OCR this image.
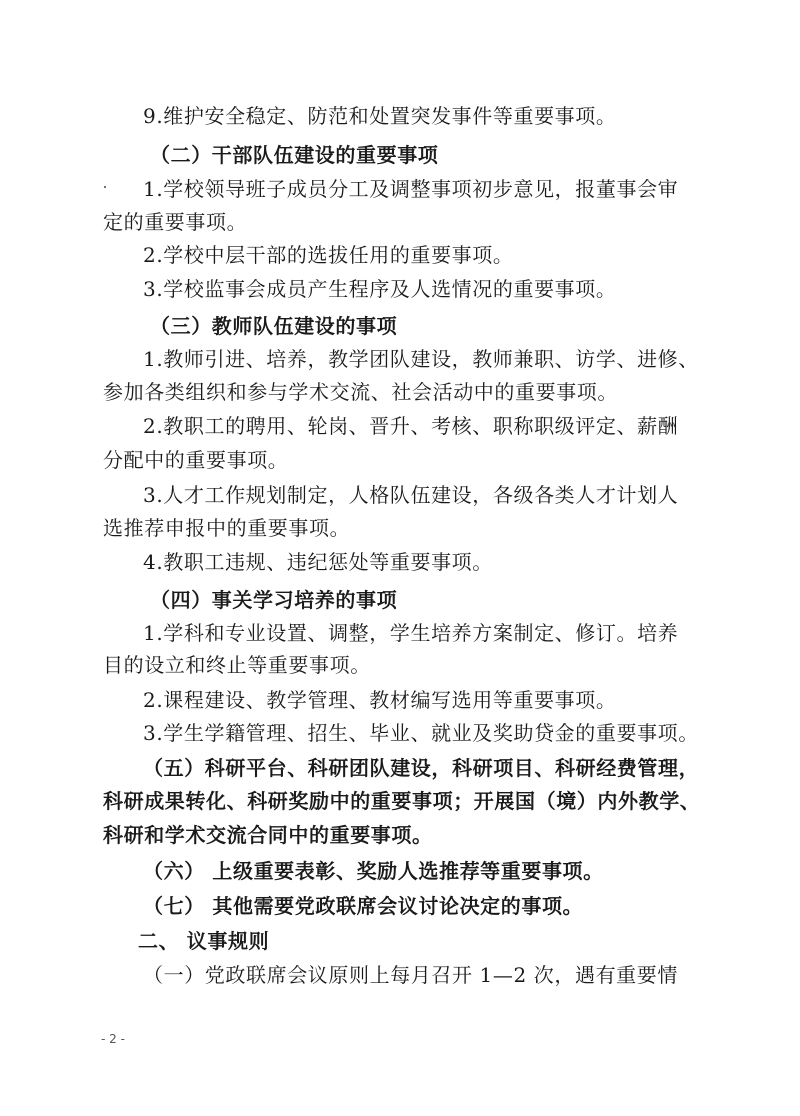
9.维护安全稳定、防范和处置突发事件等重要事项。
（二）干部队伍建设的重要事项
1.学校领导班子成员分工及调整事项初步意见，报董事会审
定的重要事项。
2.学校中层干部的选拔任用的重要事项。
3.学校监事会成员产生程序及人选情况的重要事项。
（三）教师队伍建设的事项
1.教师引进、培养，教学团队建设，教师兼职、访学、进修、
参加各类组织和参与学术交流、社会活动中的重要事项。
2.教职工的聘用、轮岗、晋升、考核、职称职级评定、薪酬
分配中的重要事项。
3.人才工作规划制定，人格队伍建设，各级各类人才计划人
选推荐申报中的重要事项。
4.教职工违规、违纪惩处等重要事项。
（四）事关学习培养的事项
1.学科和专业设置、调整，学生培养方案制定、修订。培养
目的设立和终止等重要事项。
2.课程建设、教学管理、教材编写选用等重要事项。
3.学生学籍管理、招生、毕业、就业及奖助贷金的重要事项。
（五）科研平台、科研团队建设，科研项目、科研经费管理，
科研成果转化、科研奖励中的重要事项；开展国（境）内外教学、
科研和学术交流合同中的重要事项。
（六） 上级重要表彰、奖励人选推荐等重要事项。
（七） 其他需要党政联席会议讨论决定的事项。
二、 议事规则
（一）党政联席会议原则上每月召开 1—2 次，遇有重要情
- 2 -
